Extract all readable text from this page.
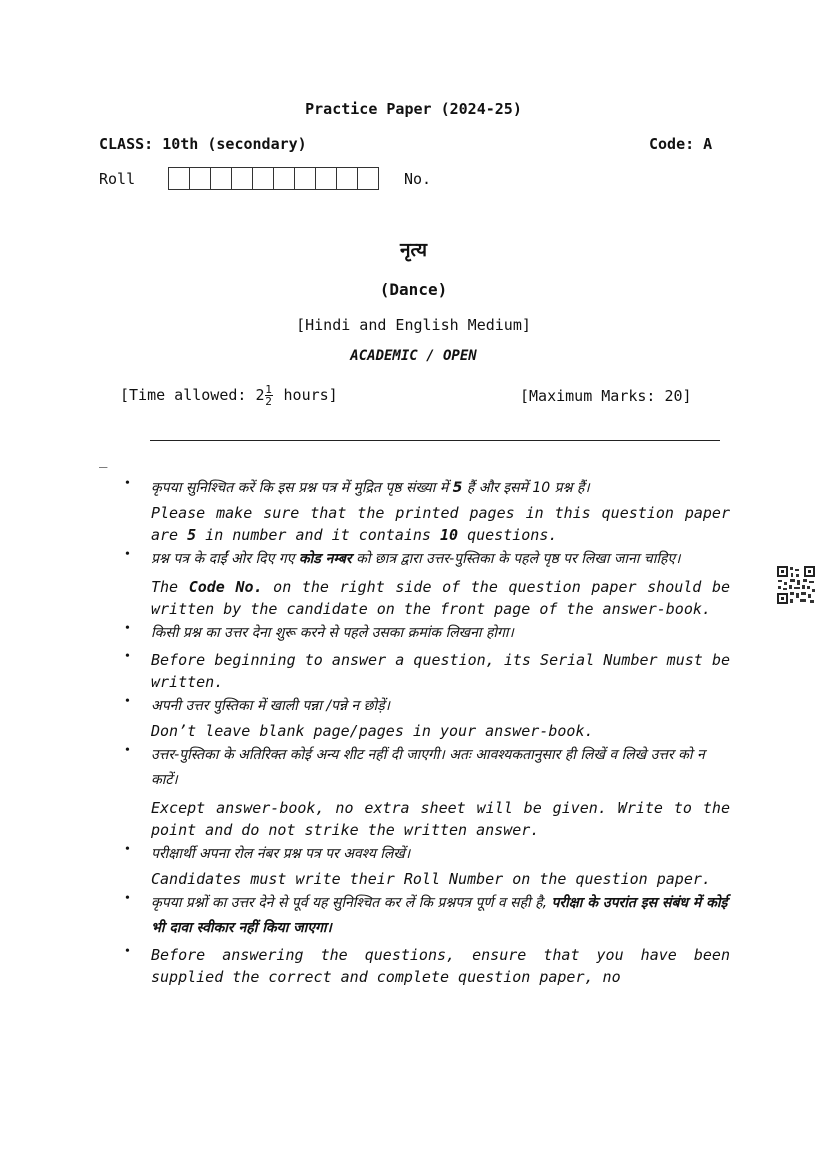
Practice Paper (2024-25)
CLASS: 10th (secondary)	Code: A
Roll	No.
नृत्य
(Dance)
[Hindi and English Medium]
ACADEMIC / OPEN
[Time allowed: $2 \frac{1}{2}$ hours]	[Maximum Marks: 20]
_
• कृपया सुनिश्चित करें कि इस प्रश्न पत्र में मुद्रित पृष्ठ संख्या में 5 हैं और इसमें 10 प्रश्न हैं।
Please make sure that the printed pages in this question paper are 5 in number and it contains 10 questions.
• प्रश्न पत्र के दाईं ओर दिए गए कोड नम्बर को छात्र द्वारा उत्तर-पुस्तिका के पहले पृष्ठ पर लिखा जाना चाहिए।
The Code No. on the right side of the question paper should be written by the candidate on the front page of the answer-book.
• किसी प्रश्न का उत्तर देना शुरू करने से पहले उसका क्रमांक लिखना होगा।
• Before beginning to answer a question, its Serial Number must be written.
• अपनी उत्तर पुस्तिका में खाली पन्ना /पन्ने न छोड़ें।
Don’t leave blank page/pages in your answer-book.
• उत्तर-पुस्तिका के अतिरिक्त कोई अन्य शीट नहीं दी जाएगी। अतः आवश्यकतानुसार ही लिखें व लिखे उत्तर को न काटें।
Except answer-book, no extra sheet will be given. Write to the point and do not strike the written answer.
• परीक्षार्थी अपना रोल नंबर प्रश्न पत्र पर अवश्य लिखें।
Candidates must write their Roll Number on the question paper.
• कृपया प्रश्नों का उत्तर देने से पूर्व यह सुनिश्चित कर लें कि प्रश्नपत्र पूर्ण व सही है, परीक्षा के उपरांत इस संबंध में कोई भी दावा स्वीकार नहीं किया जाएगा।
• Before answering the questions, ensure that you have been supplied the correct and complete question paper, no
